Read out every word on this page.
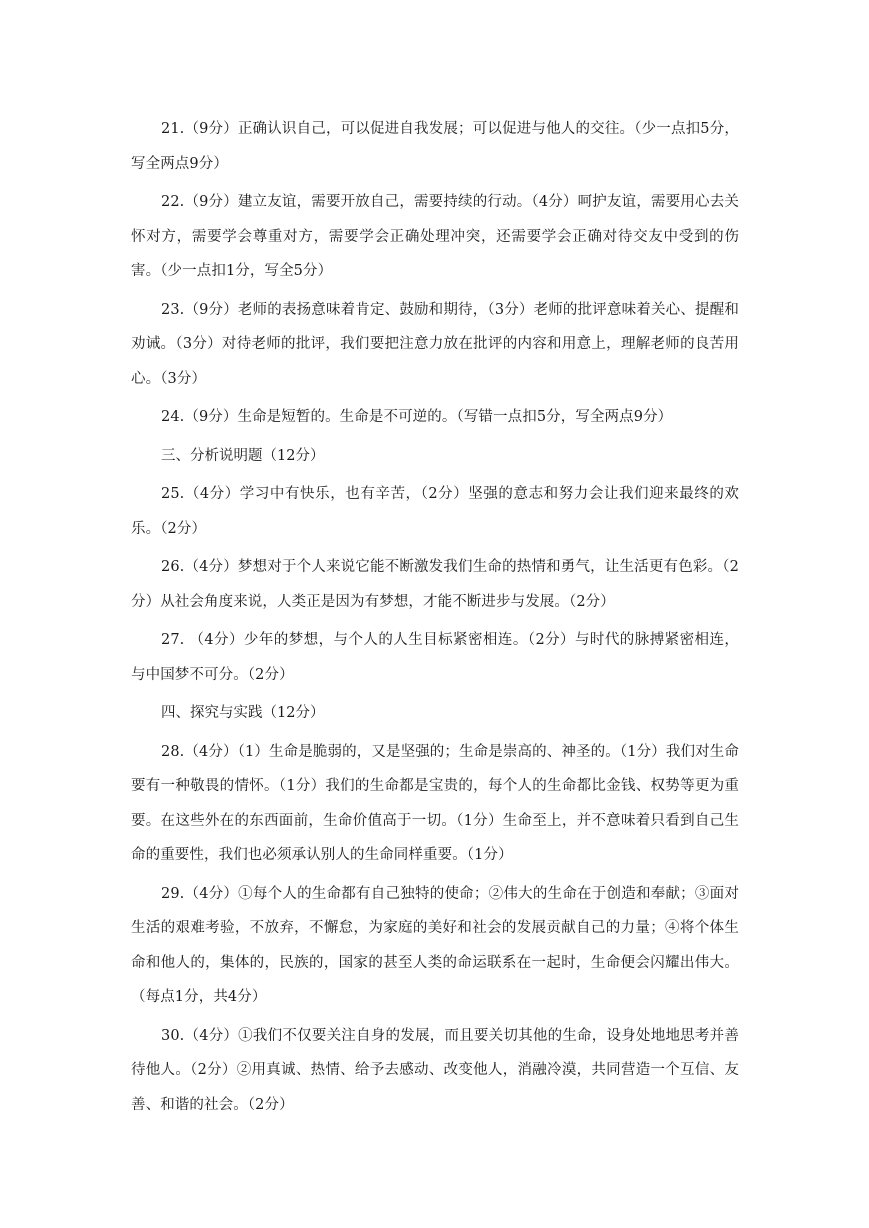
21.（9分）正确认识自己，可以促进自我发展；可以促进与他人的交往。（少一点扣5分，写全两点9分）

22.（9分）建立友谊，需要开放自己，需要持续的行动。（4分）呵护友谊，需要用心去关怀对方，需要学会尊重对方，需要学会正确处理冲突，还需要学会正确对待交友中受到的伤害。（少一点扣1分，写全5分）

23.（9分）老师的表扬意味着肯定、鼓励和期待，（3分）老师的批评意味着关心、提醒和劝诫。（3分）对待老师的批评，我们要把注意力放在批评的内容和用意上，理解老师的良苦用心。（3分）

24.（9分）生命是短暂的。生命是不可逆的。（写错一点扣5分，写全两点9分）

三、分析说明题（12分）

25.（4分）学习中有快乐，也有辛苦，（2分）坚强的意志和努力会让我们迎来最终的欢乐。（2分）

26.（4分）梦想对于个人来说它能不断激发我们生命的热情和勇气，让生活更有色彩。（2分）从社会角度来说，人类正是因为有梦想，才能不断进步与发展。（2分）

27. （4分）少年的梦想，与个人的人生目标紧密相连。（2分）与时代的脉搏紧密相连，与中国梦不可分。（2分）

四、探究与实践（12分）

28.（4分）（1）生命是脆弱的，又是坚强的；生命是崇高的、神圣的。（1分）我们对生命要有一种敬畏的情怀。（1分）我们的生命都是宝贵的，每个人的生命都比金钱、权势等更为重要。在这些外在的东西面前，生命价值高于一切。（1分）生命至上，并不意味着只看到自己生命的重要性，我们也必须承认别人的生命同样重要。（1分）

29.（4分）①每个人的生命都有自己独特的使命；②伟大的生命在于创造和奉献；③面对生活的艰难考验，不放弃，不懈怠，为家庭的美好和社会的发展贡献自己的力量；④将个体生命和他人的，集体的，民族的，国家的甚至人类的命运联系在一起时，生命便会闪耀出伟大。（每点1分，共4分）

30.（4分）①我们不仅要关注自身的发展，而且要关切其他的生命，设身处地地思考并善待他人。（2分）②用真诚、热情、给予去感动、改变他人，消融冷漠，共同营造一个互信、友善、和谐的社会。（2分）
